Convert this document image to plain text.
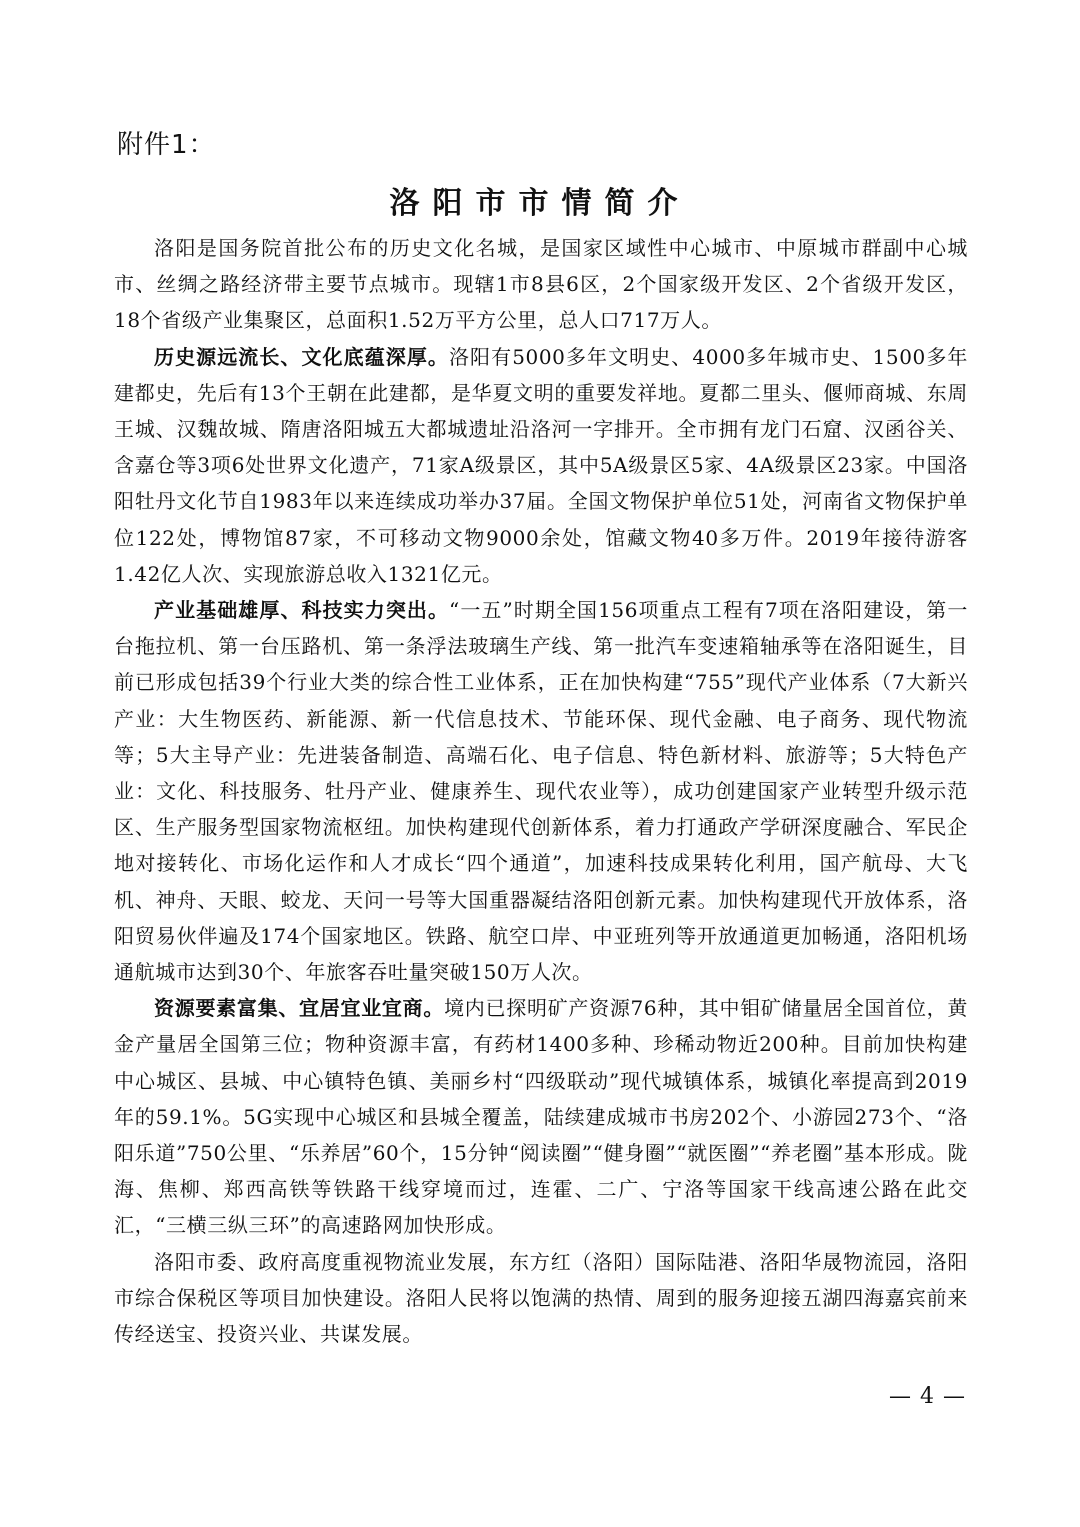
附件1：
洛阳市市情简介

洛阳是国务院首批公布的历史文化名城，是国家区域性中心城市、中原城市群副中心城市、丝绸之路经济带主要节点城市。现辖1市8县6区，2个国家级开发区、2个省级开发区，18个省级产业集聚区，总面积1.52万平方公里，总人口717万人。

历史源远流长、文化底蕴深厚。洛阳有5000多年文明史、4000多年城市史、1500多年建都史，先后有13个王朝在此建都，是华夏文明的重要发祥地。夏都二里头、偃师商城、东周王城、汉魏故城、隋唐洛阳城五大都城遗址沿洛河一字排开。全市拥有龙门石窟、汉函谷关、含嘉仓等3项6处世界文化遗产，71家A级景区，其中5A级景区5家、4A级景区23家。中国洛阳牡丹文化节自1983年以来连续成功举办37届。全国文物保护单位51处，河南省文物保护单位122处，博物馆87家，不可移动文物9000余处，馆藏文物40多万件。2019年接待游客1.42亿人次、实现旅游总收入1321亿元。

产业基础雄厚、科技实力突出。“一五”时期全国156项重点工程有7项在洛阳建设，第一台拖拉机、第一台压路机、第一条浮法玻璃生产线、第一批汽车变速箱轴承等在洛阳诞生，目前已形成包括39个行业大类的综合性工业体系，正在加快构建“755”现代产业体系（7大新兴产业：大生物医药、新能源、新一代信息技术、节能环保、现代金融、电子商务、现代物流等；5大主导产业：先进装备制造、高端石化、电子信息、特色新材料、旅游等；5大特色产业：文化、科技服务、牡丹产业、健康养生、现代农业等），成功创建国家产业转型升级示范区、生产服务型国家物流枢纽。加快构建现代创新体系，着力打通政产学研深度融合、军民企地对接转化、市场化运作和人才成长“四个通道”，加速科技成果转化利用，国产航母、大飞机、神舟、天眼、蛟龙、天问一号等大国重器凝结洛阳创新元素。加快构建现代开放体系，洛阳贸易伙伴遍及174个国家地区。铁路、航空口岸、中亚班列等开放通道更加畅通，洛阳机场通航城市达到30个、年旅客吞吐量突破150万人次。

资源要素富集、宜居宜业宜商。境内已探明矿产资源76种，其中钼矿储量居全国首位，黄金产量居全国第三位；物种资源丰富，有药材1400多种、珍稀动物近200种。目前加快构建中心城区、县城、中心镇特色镇、美丽乡村“四级联动”现代城镇体系，城镇化率提高到2019年的59.1%。5G实现中心城区和县城全覆盖，陆续建成城市书房202个、小游园273个、“洛阳乐道”750公里、“乐养居”60个，15分钟“阅读圈”“健身圈”“就医圈”“养老圈”基本形成。陇海、焦柳、郑西高铁等铁路干线穿境而过，连霍、二广、宁洛等国家干线高速公路在此交汇，“三横三纵三环”的高速路网加快形成。

洛阳市委、政府高度重视物流业发展，东方红（洛阳）国际陆港、洛阳华晟物流园，洛阳市综合保税区等项目加快建设。洛阳人民将以饱满的热情、周到的服务迎接五湖四海嘉宾前来传经送宝、投资兴业、共谋发展。

— 4 —
